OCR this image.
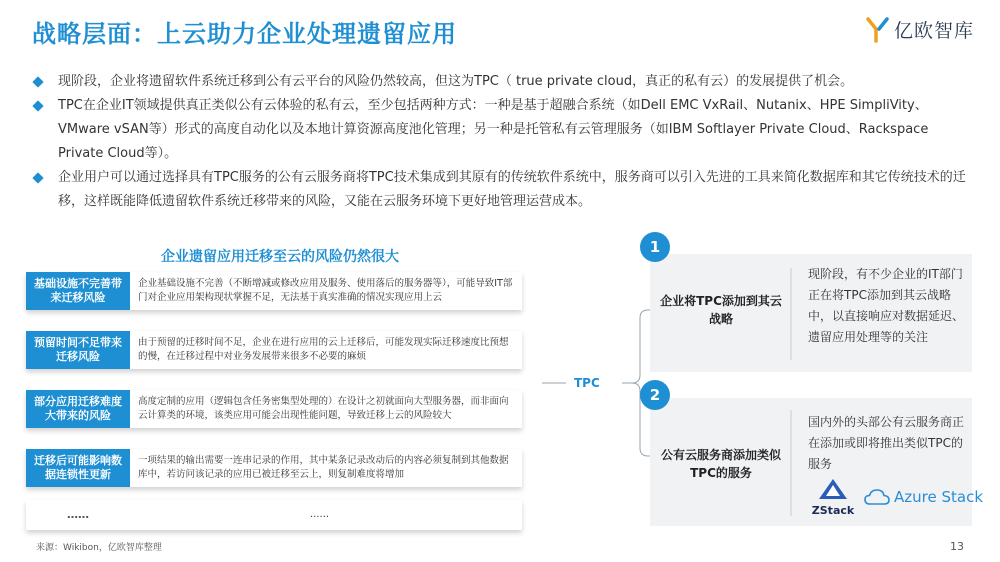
战略层面：上云助力企业处理遗留应用	亿欧智库
现阶段，企业将遗留软件系统迁移到公有云平台的风险仍然较高，但这为TPC（ true private cloud，真正的私有云）的发展提供了机会。
TPC在企业IT领域提供真正类似公有云体验的私有云，至少包括两种方式：一种是基于超融合系统（如Dell EMC VxRail、Nutanix、HPE SimpliVity、VMware vSAN等）形式的高度自动化以及本地计算资源高度池化管理；另一种是托管私有云管理服务（如IBM Softlayer Private Cloud、Rackspace Private Cloud等）。
企业用户可以通过选择具有TPC服务的公有云服务商将TPC技术集成到其原有的传统软件系统中，服务商可以引入先进的工具来简化数据库和其它传统技术的迁移，这样既能降低遗留软件系统迁移带来的风险，又能在云服务环境下更好地管理运营成本。
企业遗留应用迁移至云的风险仍然很大
基础设施不完善带来迁移风险
企业基础设施不完善（不断增减或修改应用及服务、使用落后的服务器等），可能导致IT部门对企业应用架构现状掌握不足，无法基于真实准确的情况实现应用上云
预留时间不足带来迁移风险
由于预留的迁移时间不足，企业在进行应用的云上迁移后，可能发现实际迁移速度比预想的慢，在迁移过程中对业务发展带来很多不必要的麻烦
部分应用迁移难度大带来的风险
高度定制的应用（逻辑包含任务密集型处理的）在设计之初就面向大型服务器，而非面向云计算类的环境，该类应用可能会出现性能问题，导致迁移上云的风险较大
迁移后可能影响数据连锁性更新
一项结果的输出需要一连串记录的作用，其中某条记录改动后的内容必须复制到其他数据库中，若访问该记录的应用已被迁移至云上，则复制难度将增加
……	……
TPC
1
企业将TPC添加到其云战略
现阶段，有不少企业的IT部门正在将TPC添加到其云战略中，以直接响应对数据延迟、遗留应用处理等的关注
2
公有云服务商添加类似TPC的服务
国内外的头部公有云服务商正在添加或即将推出类似TPC的服务
ZStack
Azure Stack
来源：Wikibon，亿欧智库整理	13
